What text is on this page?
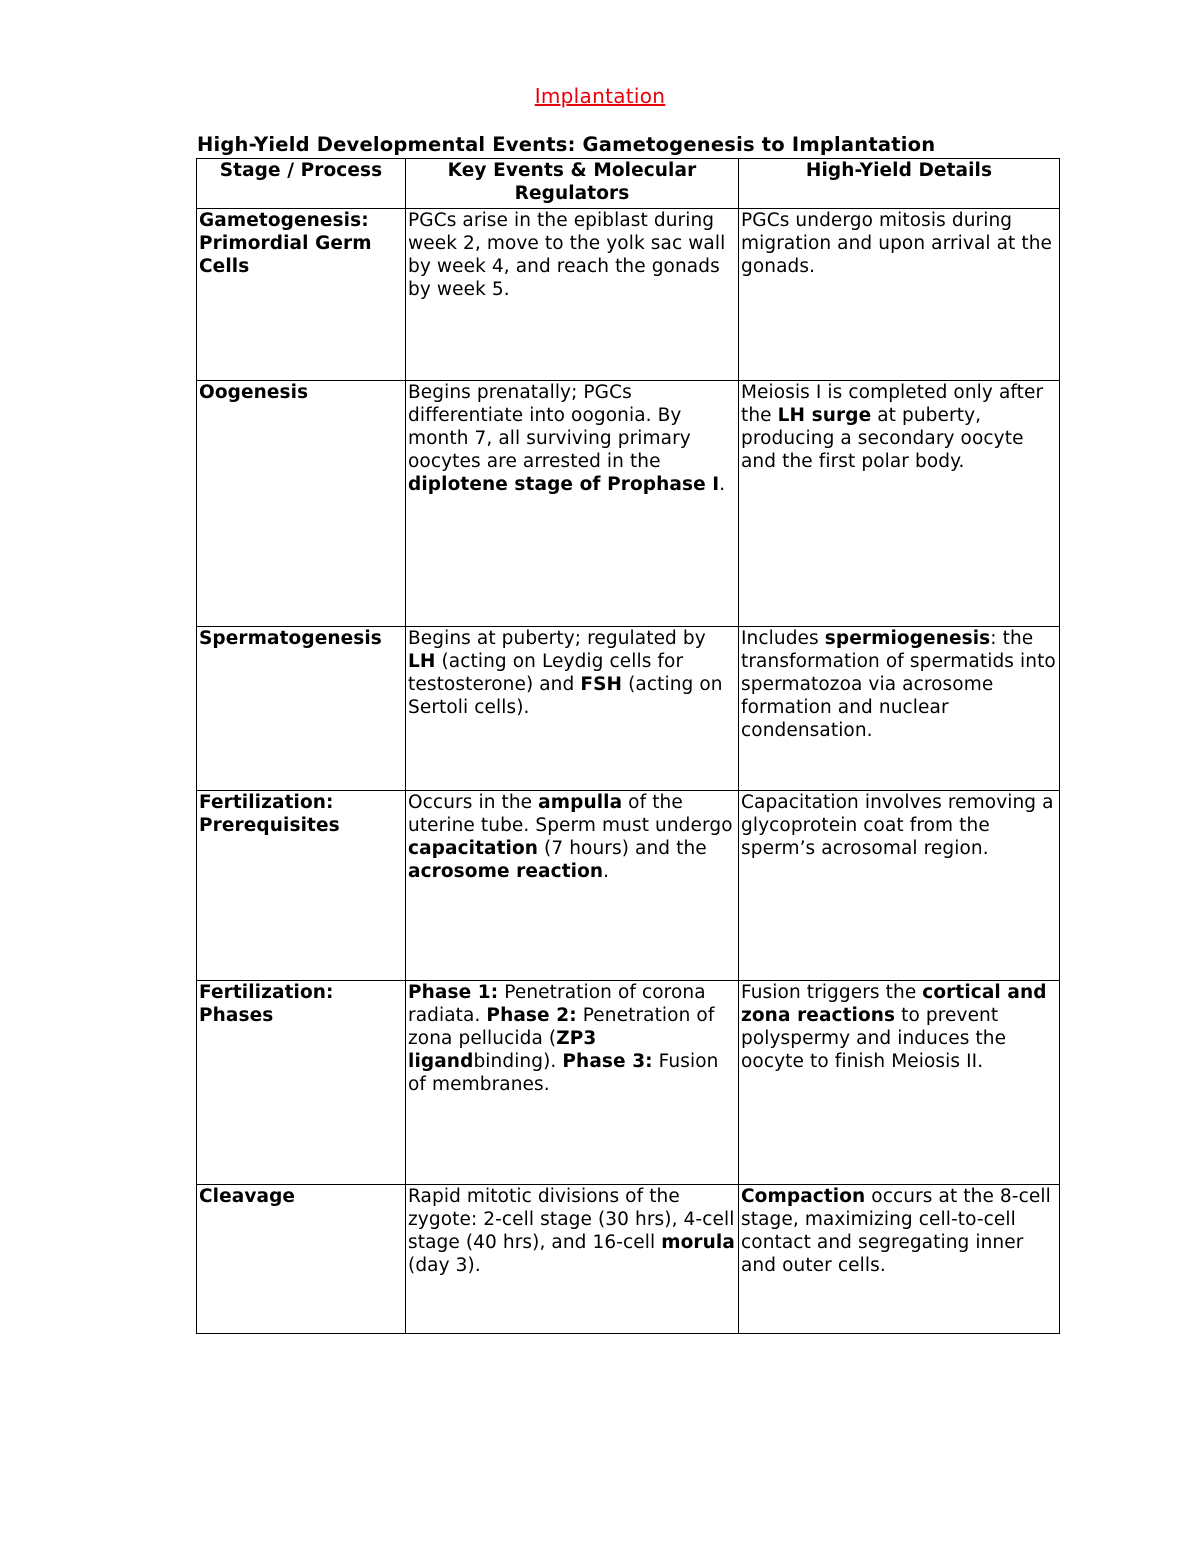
Implantation
High-Yield Developmental Events: Gametogenesis to Implantation
Stage / Process	Key Events & Molecular Regulators	High-Yield Details
Gametogenesis: Primordial Germ Cells	PGCs arise in the epiblast during week 2, move to the yolk sac wall by week 4, and reach the gonads by week 5.	PGCs undergo mitosis during migration and upon arrival at the gonads.
Oogenesis	Begins prenatally; PGCs differentiate into oogonia. By month 7, all surviving primary oocytes are arrested in the diplotene stage of Prophase I.	Meiosis I is completed only after the LH surge at puberty, producing a secondary oocyte and the first polar body.
Spermatogenesis	Begins at puberty; regulated by LH (acting on Leydig cells for testosterone) and FSH (acting on Sertoli cells).	Includes spermiogenesis: the transformation of spermatids into spermatozoa via acrosome formation and nuclear condensation.
Fertilization: Prerequisites	Occurs in the ampulla of the uterine tube. Sperm must undergo capacitation (7 hours) and the acrosome reaction.	Capacitation involves removing a glycoprotein coat from the sperm’s acrosomal region.
Fertilization: Phases	Phase 1: Penetration of corona radiata. Phase 2: Penetration of zona pellucida (ZP3 ligandbinding). Phase 3: Fusion of membranes.	Fusion triggers the cortical and zona reactions to prevent polyspermy and induces the oocyte to finish Meiosis II.
Cleavage	Rapid mitotic divisions of the zygote: 2-cell stage (30 hrs), 4-cell stage (40 hrs), and 16-cell morula (day 3).	Compaction occurs at the 8-cell stage, maximizing cell-to-cell contact and segregating inner and outer cells.
